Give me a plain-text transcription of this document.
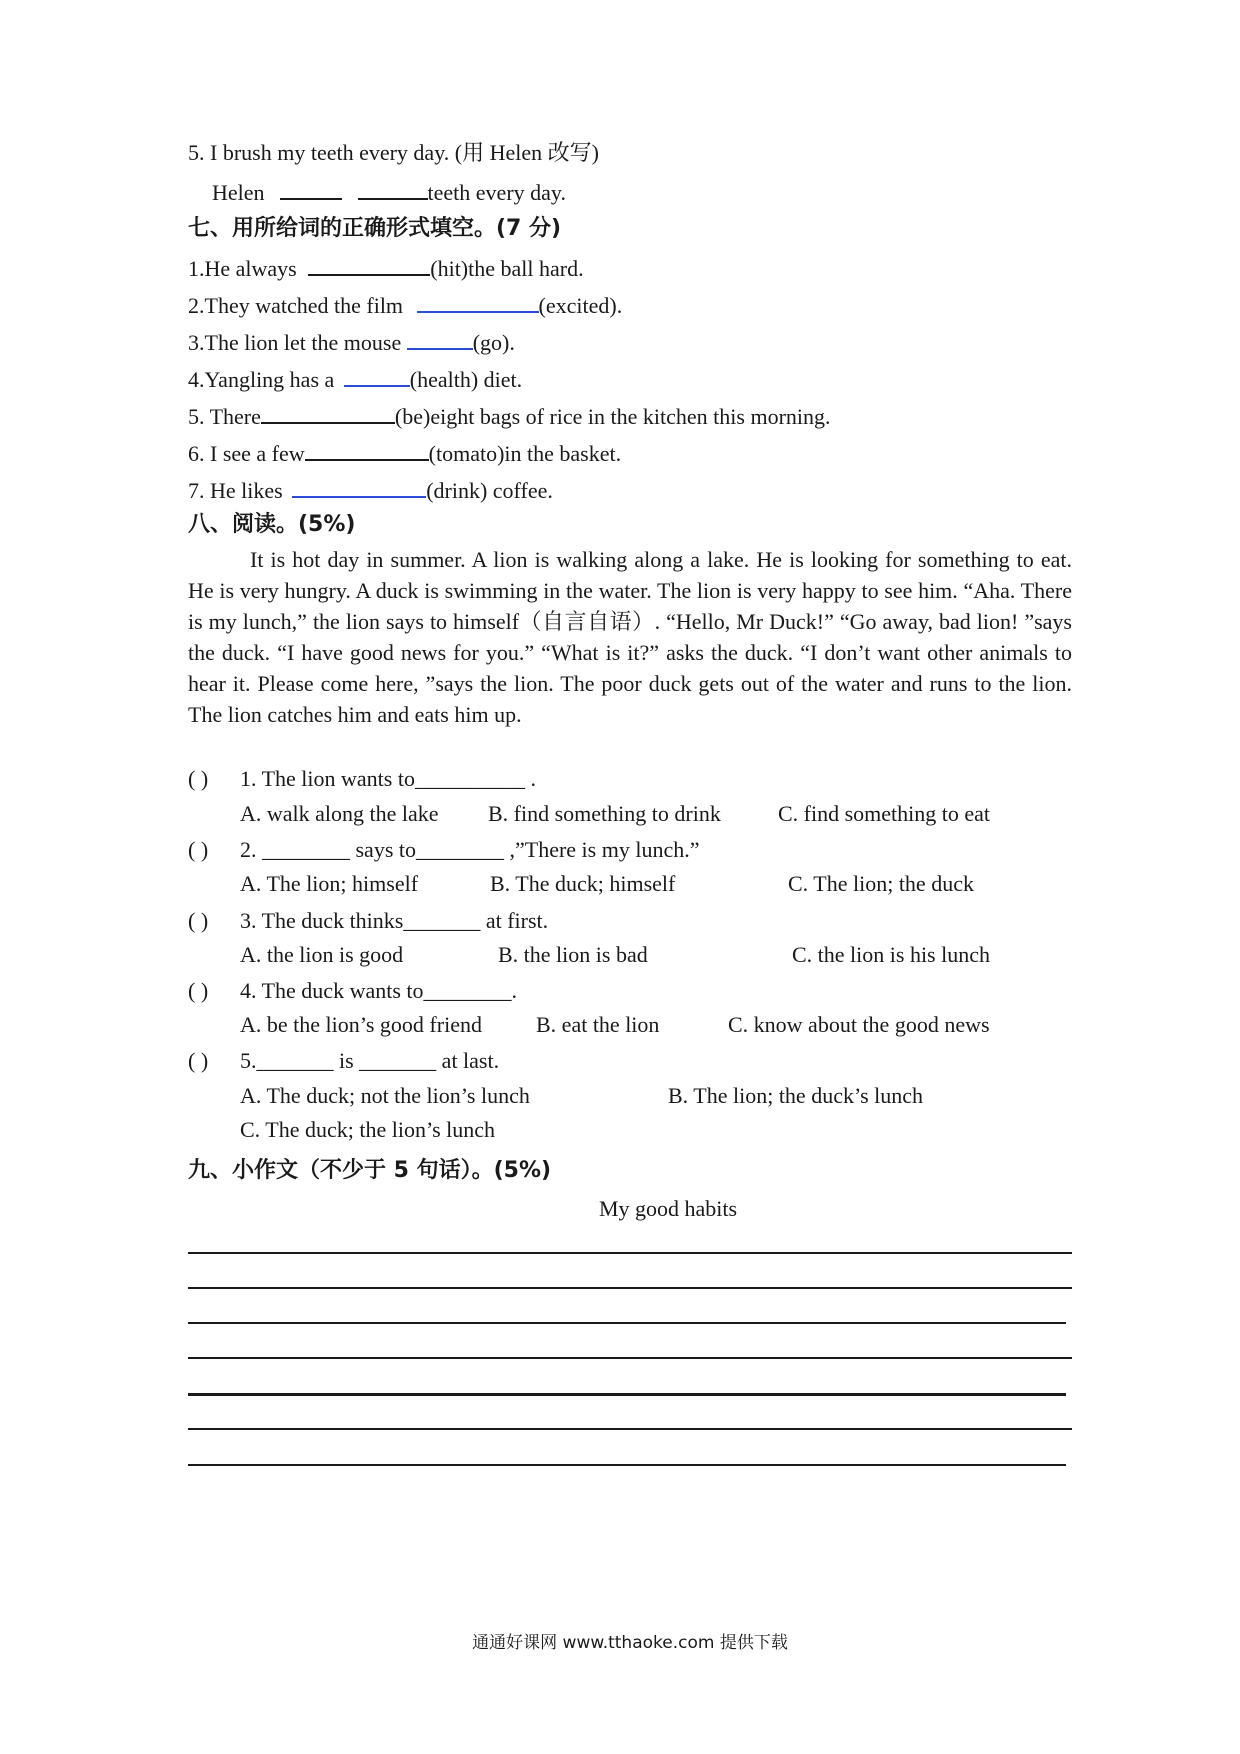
5. I brush my teeth every day. (用 Helen 改写)
Helen	teeth every day.
七、用所给词的正确形式填空。(7 分)
1.He always	(hit)the ball hard.
2.They watched the film	(excited).
3.The lion let the mouse	(go).
4.Yangling has a	(health) diet.
5. There	(be)eight bags of rice in the kitchen this morning.
6. I see a few	(tomato)in the basket.
7. He likes	(drink) coffee.
八、阅读。(5%)
It is hot day in summer. A lion is walking along a lake. He is looking for something to eat. He is very hungry. A duck is swimming in the water. The lion is very happy to see him. “Aha. There is my lunch,” the lion says to himself（自言自语）. “Hello, Mr Duck!” “Go away, bad lion! ”says the duck. “I have good news for you.” “What is it?” asks the duck. “I don’t want other animals to hear it. Please come here, ”says the lion. The poor duck gets out of the water and runs to the lion. The lion catches him and eats him up.
( ) 1. The lion wants to__________ .
A. walk along the lake B. find something to drink	C. find something to eat
( ) 2. ________ says to________ ,”There is my lunch.”
A. The lion; himself	B. The duck; himself	C. The lion; the duck
( ) 3. The duck thinks_______ at first.
A. the lion is good	B. the lion is bad	C. the lion is his lunch
( ) 4. The duck wants to________.
A. be the lion’s good friend B. eat the lion	C. know about the good news
( ) 5._______ is _______ at last.
A. The duck; not the lion’s lunch	B. The lion; the duck’s lunch
C. The duck; the lion’s lunch
九、小作文（不少于 5 句话）。(5%)
My good habits
通通好课网 www.tthaoke.com 提供下载
